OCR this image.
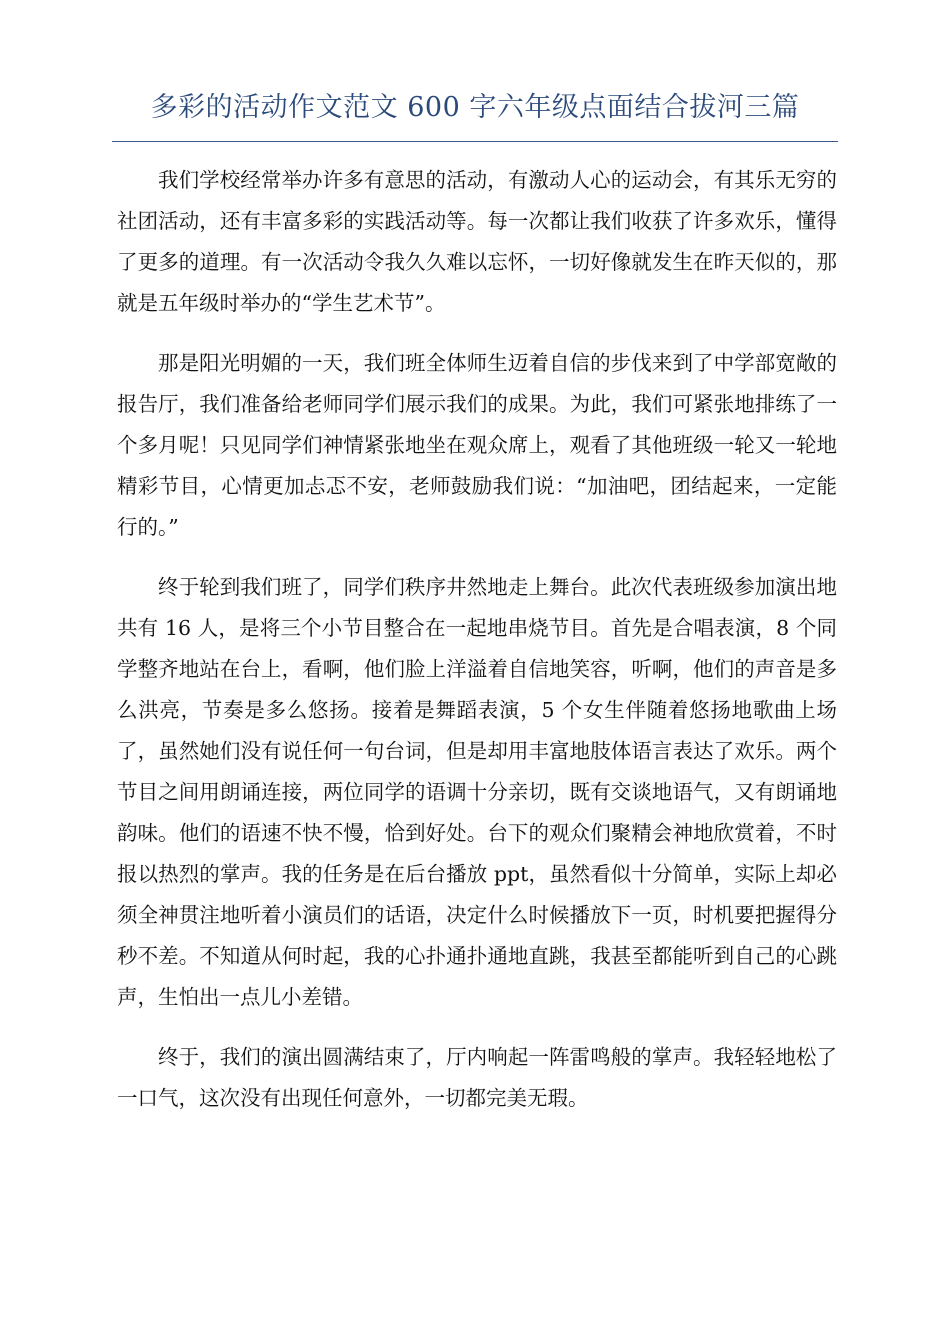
多彩的活动作文范文 600 字六年级点面结合拔河三篇

我们学校经常举办许多有意思的活动，有激动人心的运动会，有其乐无穷的社团活动，还有丰富多彩的实践活动等。每一次都让我们收获了许多欢乐，懂得了更多的道理。有一次活动令我久久难以忘怀，一切好像就发生在昨天似的，那就是五年级时举办的“学生艺术节”。

那是阳光明媚的一天，我们班全体师生迈着自信的步伐来到了中学部宽敞的报告厅，我们准备给老师同学们展示我们的成果。为此，我们可紧张地排练了一个多月呢！只见同学们神情紧张地坐在观众席上，观看了其他班级一轮又一轮地精彩节目，心情更加忐忑不安，老师鼓励我们说：“加油吧，团结起来，一定能行的。”

终于轮到我们班了，同学们秩序井然地走上舞台。此次代表班级参加演出地共有 16 人，是将三个小节目整合在一起地串烧节目。首先是合唱表演，8 个同学整齐地站在台上，看啊，他们脸上洋溢着自信地笑容，听啊，他们的声音是多么洪亮，节奏是多么悠扬。接着是舞蹈表演，5 个女生伴随着悠扬地歌曲上场了，虽然她们没有说任何一句台词，但是却用丰富地肢体语言表达了欢乐。两个节目之间用朗诵连接，两位同学的语调十分亲切，既有交谈地语气，又有朗诵地韵味。他们的语速不快不慢，恰到好处。台下的观众们聚精会神地欣赏着，不时报以热烈的掌声。我的任务是在后台播放 ppt，虽然看似十分简单，实际上却必须全神贯注地听着小演员们的话语，决定什么时候播放下一页，时机要把握得分秒不差。不知道从何时起，我的心扑通扑通地直跳，我甚至都能听到自己的心跳声，生怕出一点儿小差错。

终于，我们的演出圆满结束了，厅内响起一阵雷鸣般的掌声。我轻轻地松了一口气，这次没有出现任何意外，一切都完美无瑕。
